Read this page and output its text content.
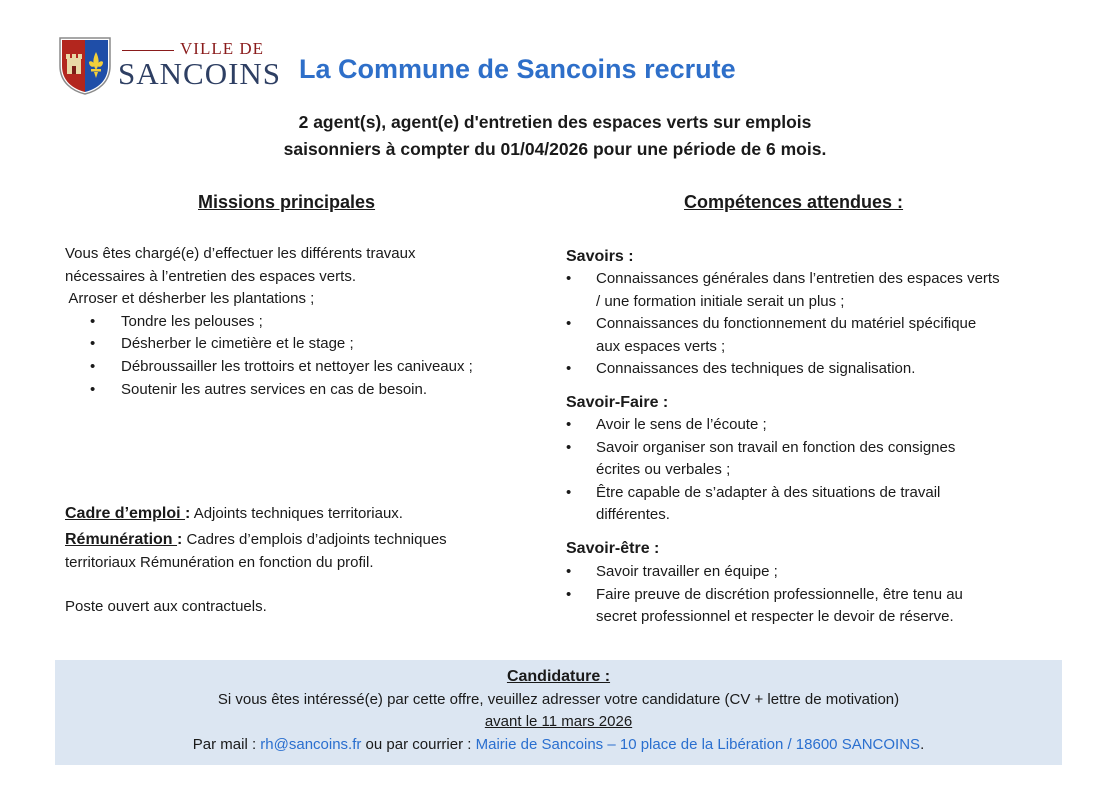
VILLE DE
SANCOINS La Commune de Sancoins recrute
2 agent(s), agent(e) d'entretien des espaces verts sur emplois
saisonniers à compter du 01/04/2026 pour une période de 6 mois.
Missions principales

Vous êtes chargé(e) d’effectuer les différents travaux

nécessaires à l’entretien des espaces verts.

Arroser et désherber les plantations ;

• Tondre les pelouses ;
• Désherber le cimetière et le stage ;
• Débroussailler les trottoirs et nettoyer les caniveaux ;
• Soutenir les autres services en cas de besoin.
Cadre d’emploi : Adjoints techniques territoriaux.
Rémunération : Cadres d’emplois d’adjoints techniques
territoriaux Rémunération en fonction du profil.
Poste ouvert aux contractuels.
Compétences attendues :
Savoirs :
• Connaissances générales dans l’entretien des espaces verts
/ une formation initiale serait un plus ;
• Connaissances du fonctionnement du matériel spécifique
aux espaces verts ;
• Connaissances des techniques de signalisation.
Savoir-Faire :
• Avoir le sens de l’écoute ;
• Savoir organiser son travail en fonction des consignes
écrites ou verbales ;
• Être capable de s’adapter à des situations de travail
différentes.
Savoir-être :
• Savoir travailler en équipe ;
• Faire preuve de discrétion professionnelle, être tenu au
secret professionnel et respecter le devoir de réserve.
Candidature :
Si vous êtes intéressé(e) par cette offre, veuillez adresser votre candidature (CV + lettre de motivation)
avant le 11 mars 2026
Par mail : rh@sancoins.fr ou par courrier : Mairie de Sancoins – 10 place de la Libération / 18600 SANCOINS.
